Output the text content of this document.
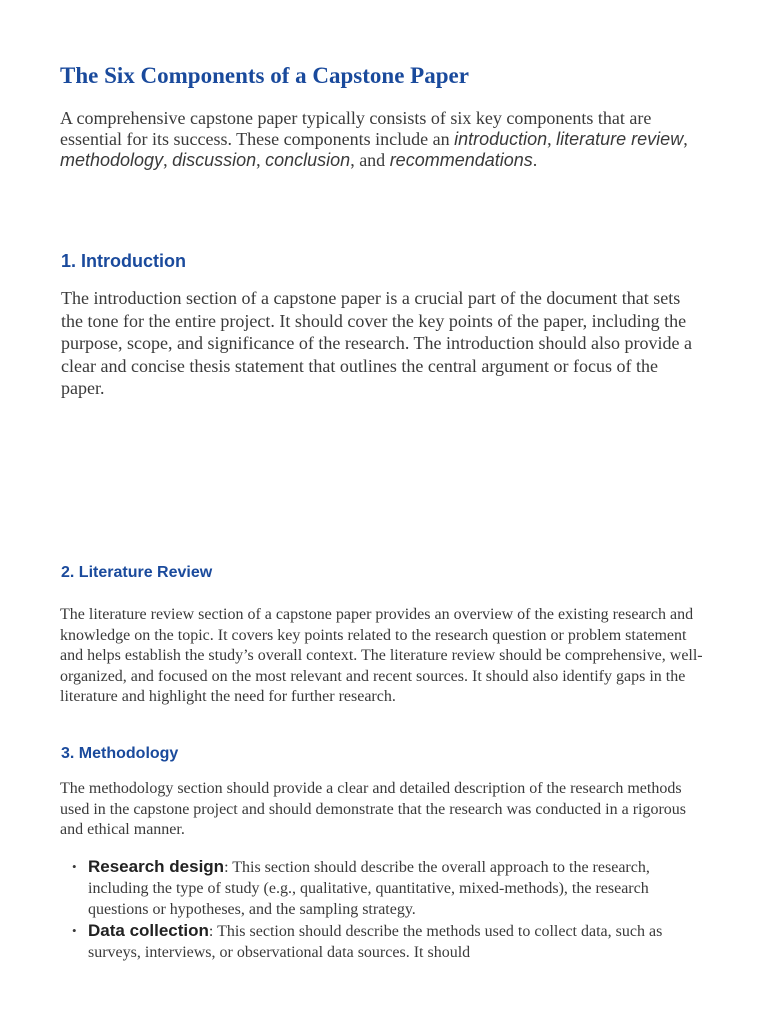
The Six Components of a Capstone Paper

A comprehensive capstone paper typically consists of six key components that are essential for its success. These components include an introduction, literature review, methodology, discussion, conclusion, and recommendations.

1. Introduction

The introduction section of a capstone paper is a crucial part of the document that sets the tone for the entire project. It should cover the key points of the paper, including the purpose, scope, and significance of the research. The introduction should also provide a clear and concise thesis statement that outlines the central argument or focus of the paper.

2. Literature Review

The literature review section of a capstone paper provides an overview of the existing research and knowledge on the topic. It covers key points related to the research question or problem statement and helps establish the study’s overall context. The literature review should be comprehensive, well-organized, and focused on the most relevant and recent sources. It should also identify gaps in the literature and highlight the need for further research.

3. Methodology

The methodology section should provide a clear and detailed description of the research methods used in the capstone project and should demonstrate that the research was conducted in a rigorous and ethical manner.

• Research design: This section should describe the overall approach to the research, including the type of study (e.g., qualitative, quantitative, mixed-methods), the research questions or hypotheses, and the sampling strategy.
• Data collection: This section should describe the methods used to collect data, such as surveys, interviews, or observational data sources. It should
